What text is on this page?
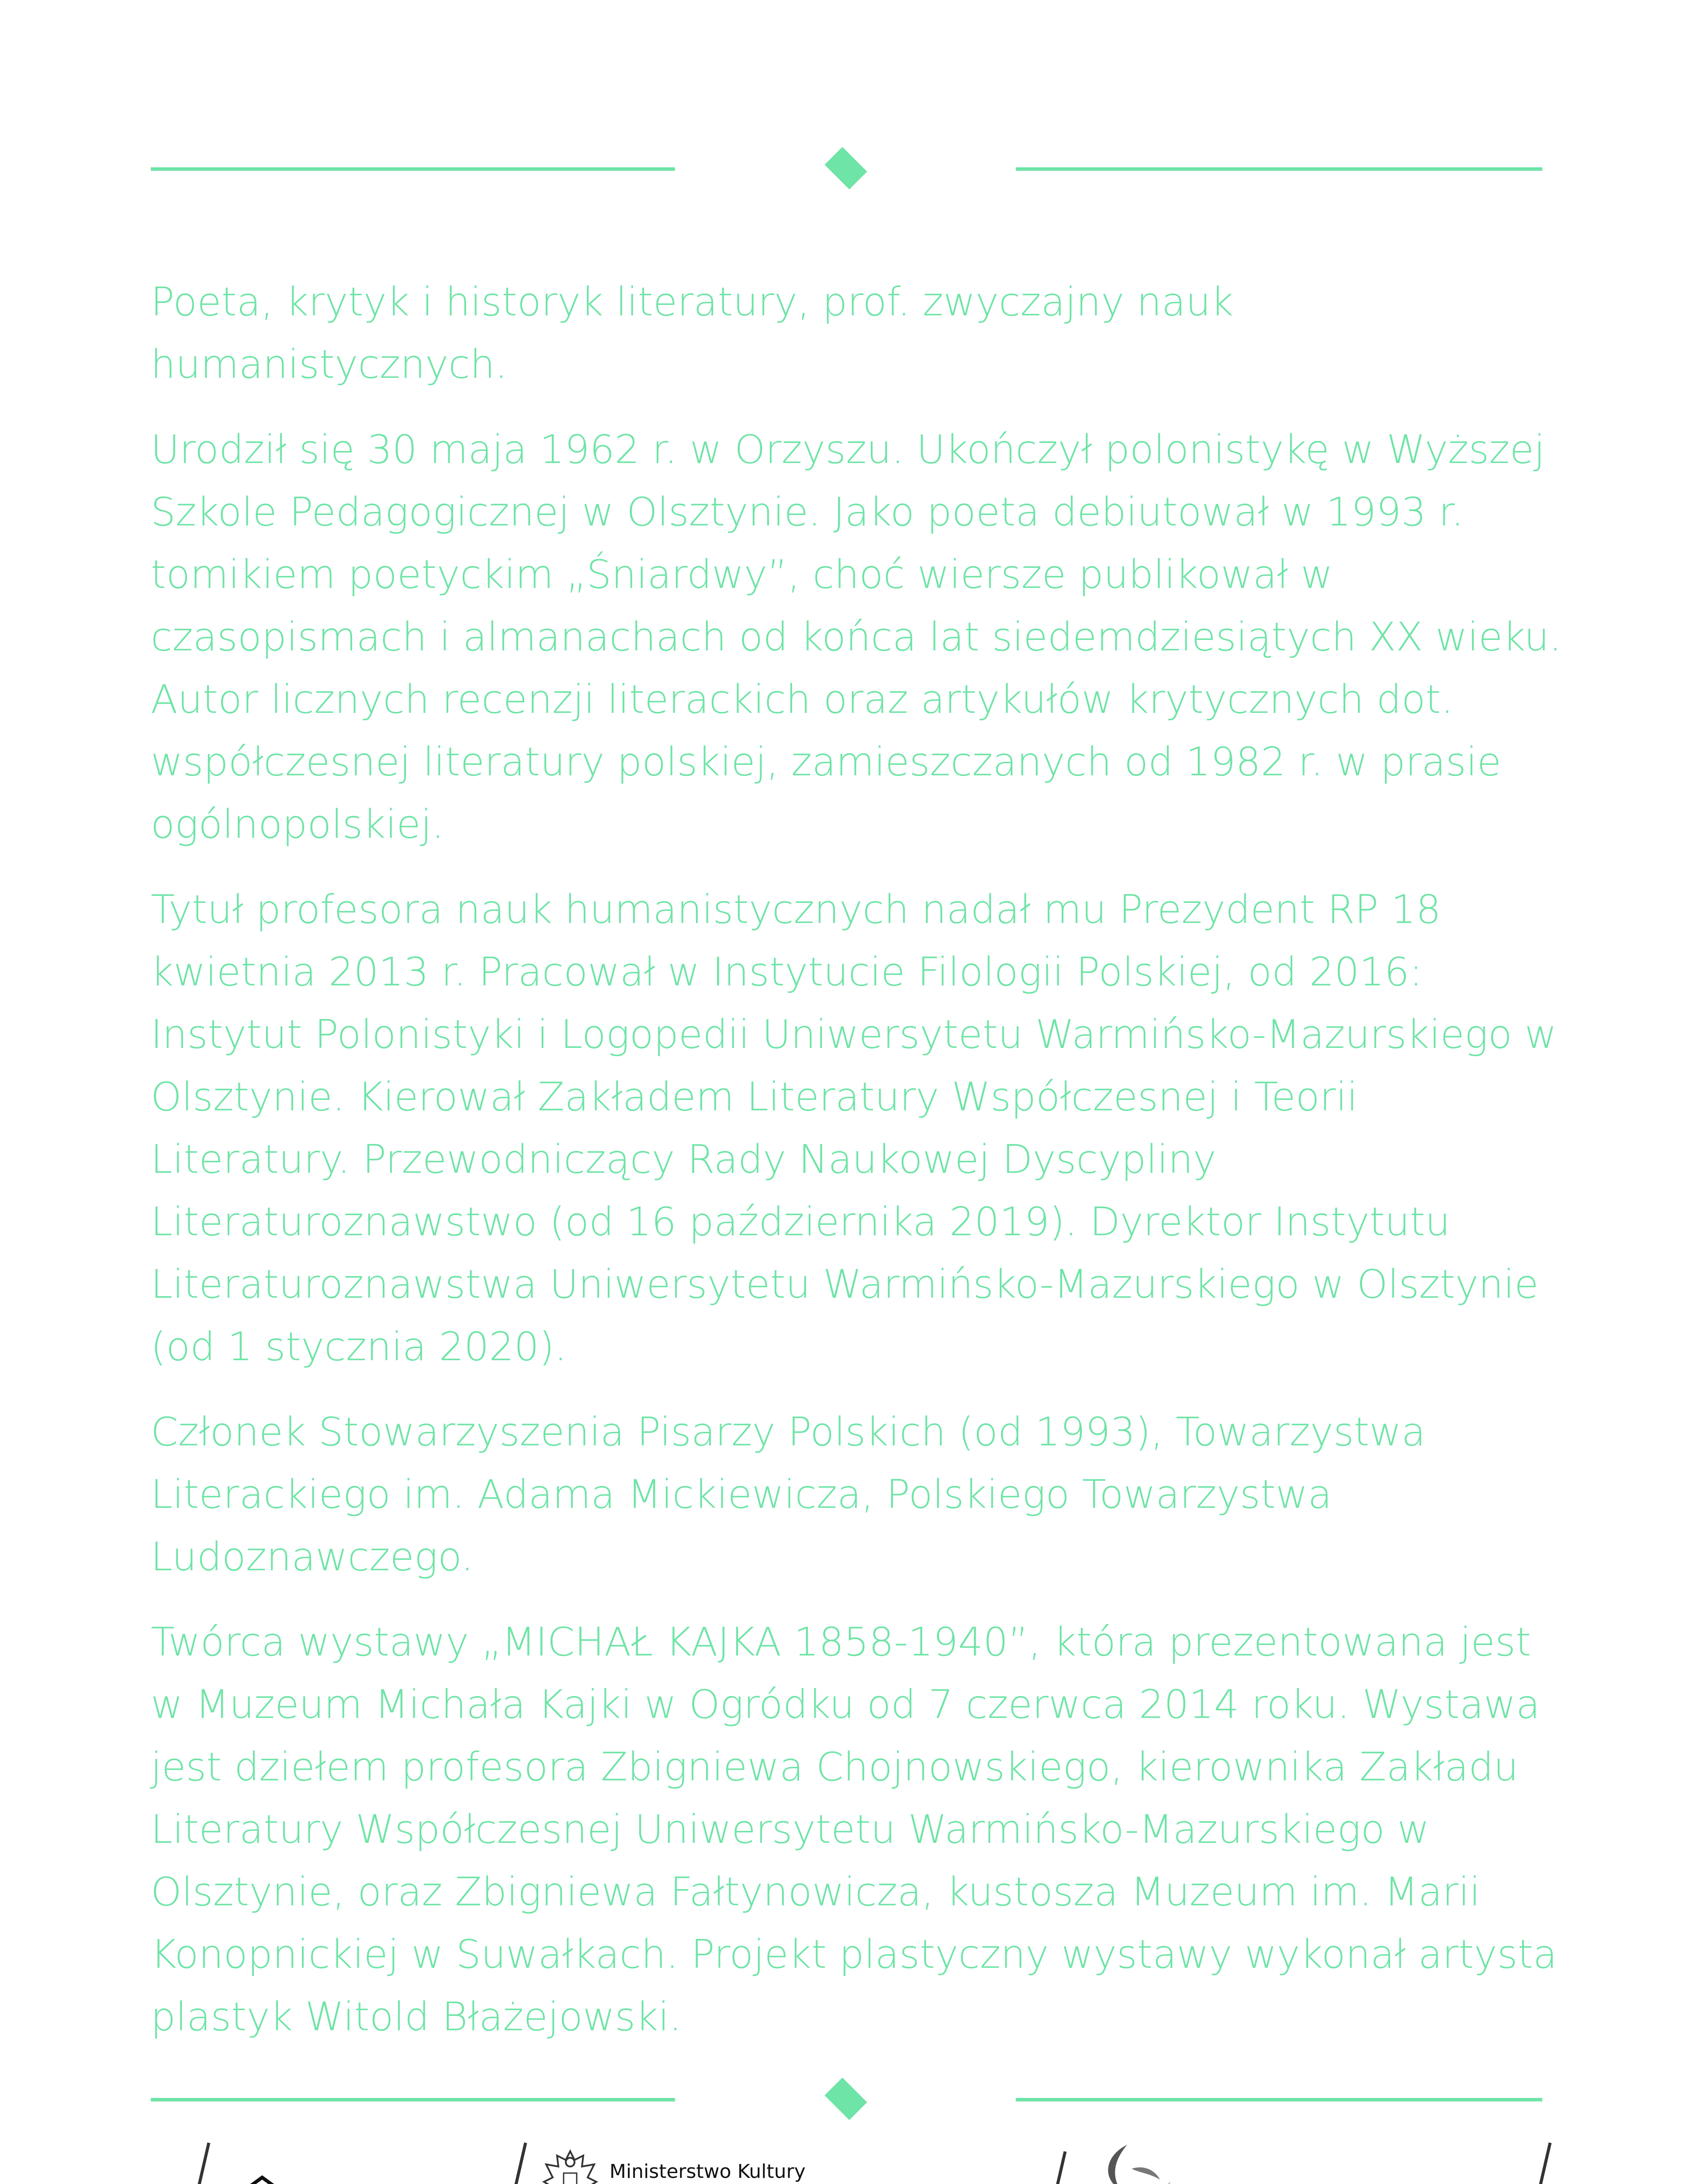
Poeta, krytyk i historyk literatury, prof. zwyczajny nauk humanistycznych.

Urodził się 30 maja 1962 r. w Orzyszu. Ukończył polonistykę w Wyższej Szkole Pedagogicznej w Olsztynie. Jako poeta debiutował w 1993 r. tomikiem poetyckim „Śniardwy”, choć wiersze publikował w czasopismach i almanachach od końca lat siedemdziesiątych XX wieku. Autor licznych recenzji literackich oraz artykułów krytycznych dot. współczesnej literatury polskiej, zamieszczanych od 1982 r. w prasie ogólnopolskiej.

Tytuł profesora nauk humanistycznych nadał mu Prezydent RP 18 kwietnia 2013 r. Pracował w Instytucie Filologii Polskiej, od 2016: Instytut Polonistyki i Logopedii Uniwersytetu Warmińsko-Mazurskiego w Olsztynie. Kierował Zakładem Literatury Współczesnej i Teorii Literatury. Przewodniczący Rady Naukowej Dyscypliny Literaturoznawstwo (od 16 października 2019). Dyrektor Instytutu Literaturoznawstwa Uniwersytetu Warmińsko-Mazurskiego w Olsztynie (od 1 stycznia 2020).

Członek Stowarzyszenia Pisarzy Polskich (od 1993), Towarzystwa Literackiego im. Adama Mickiewicza, Polskiego Towarzystwa Ludoznawczego.

Twórca wystawy „MICHAŁ KAJKA 1858-1940”, która prezentowana jest w Muzeum Michała Kajki w Ogródku od 7 czerwca 2014 roku. Wystawa jest dziełem profesora Zbigniewa Chojnowskiego, kierownika Zakładu Literatury Współczesnej Uniwersytetu Warmińsko-Mazurskiego w Olsztynie, oraz Zbigniewa Fałtynowicza, kustosza Muzeum im. Marii Konopnickiej w Suwałkach. Projekt plastyczny wystawy wykonał artysta plastyk Witold Błażejowski.

Ministerstwo Kultury
